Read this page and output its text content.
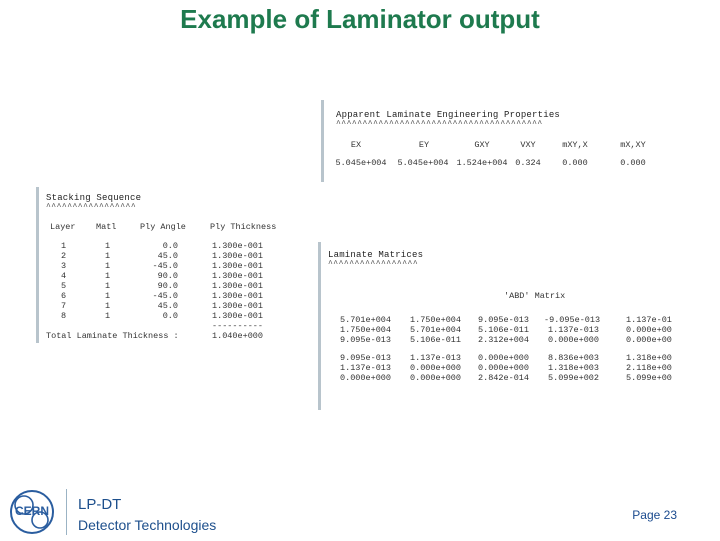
Example of Laminator output
Apparent Laminate Engineering Properties
^^^^^^^^^^^^^^^^^^^^^^^^^^^^^^^^^^^^^^^
EX	EY	GXY	VXY	mXY,X	mX,XY
5.045e+004	5.045e+004 1.524e+004 0.324	0.000	0.000
Stacking Sequence
^^^^^^^^^^^^^^^^^
Layer Matl	Ply Angle	Ply Thickness
1	1	0.0	1.300e-001
2	1	45.0	1.300e-001
3	1	-45.0	1.300e-001
4	1	90.0	1.300e-001
5	1	90.0	1.300e-001
6	1	-45.0	1.300e-001
7	1	45.0	1.300e-001
8	1	0.0	1.300e-001
----------
Total Laminate Thickness :	1.040e+000
Laminate Matrices
^^^^^^^^^^^^^^^^^
'ABD' Matrix
5.701e+004 1.750e+004 9.095e-013 -9.095e-013	1.137e-01
1.750e+004 5.701e+004 5.106e-011 1.137e-013	0.000e+00
9.095e-013 5.106e-011 2.312e+004 0.000e+000	0.000e+00
9.095e-013 1.137e-013 0.000e+000 8.836e+003	1.318e+00
1.137e-013 0.000e+000 0.000e+000 1.318e+003	2.118e+00
0.000e+000 0.000e+000 2.842e-014 5.099e+002	5.099e+00
CERN	LP-DT
Detector Technologies
Page 23
